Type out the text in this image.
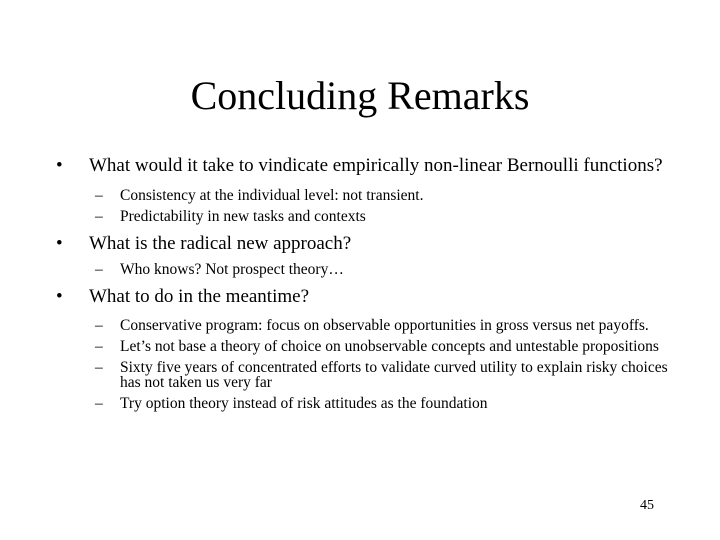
Concluding Remarks
• What would it take to vindicate empirically non-linear Bernoulli functions?
– Consistency at the individual level: not transient.
– Predictability in new tasks and contexts
• What is the radical new approach?
– Who knows? Not prospect theory…
• What to do in the meantime?
– Conservative program: focus on observable opportunities in gross versus net payoffs.
– Let’s not base a theory of choice on unobservable concepts and untestable propositions
– Sixty five years of concentrated efforts to validate curved utility to explain risky choices has not taken us very far
– Try option theory instead of risk attitudes as the foundation
45
